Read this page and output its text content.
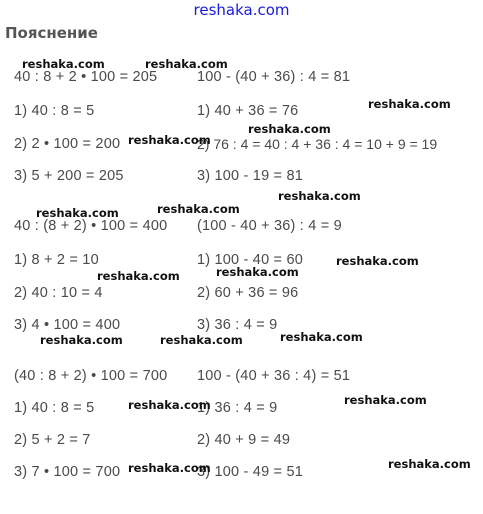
reshaka.com
Пояснение
40 : 8 + 2 • 100 = 205
1) 40 : 8 = 5
2) 2 • 100 = 200
3) 5 + 200 = 205
100 - (40 + 36) : 4 = 81
1) 40 + 36 = 76
2) 76 : 4 = 40 : 4 + 36 : 4 = 10 + 9 = 19
3) 100 - 19 = 81
40 : (8 + 2) • 100 = 400
1) 8 + 2 = 10
2) 40 : 10 = 4
3) 4 • 100 = 400
(100 - 40 + 36) : 4 = 9
1) 100 - 40 = 60
2) 60 + 36 = 96
3) 36 : 4 = 9
(40 : 8 + 2) • 100 = 700
1) 40 : 8 = 5
2) 5 + 2 = 7
3) 7 • 100 = 700
100 - (40 + 36 : 4) = 51
1) 36 : 4 = 9
2) 40 + 9 = 49
3) 100 - 49 = 51
reshaka.com	reshaka.com
reshaka.com
reshaka.com
reshaka.com
reshaka.com
reshaka.com
reshaka.com
reshaka.com
reshaka.com
reshaka.com
reshaka.com
reshaka.com
reshaka.com
reshaka.com
reshaka.com
reshaka.com
reshaka.com
